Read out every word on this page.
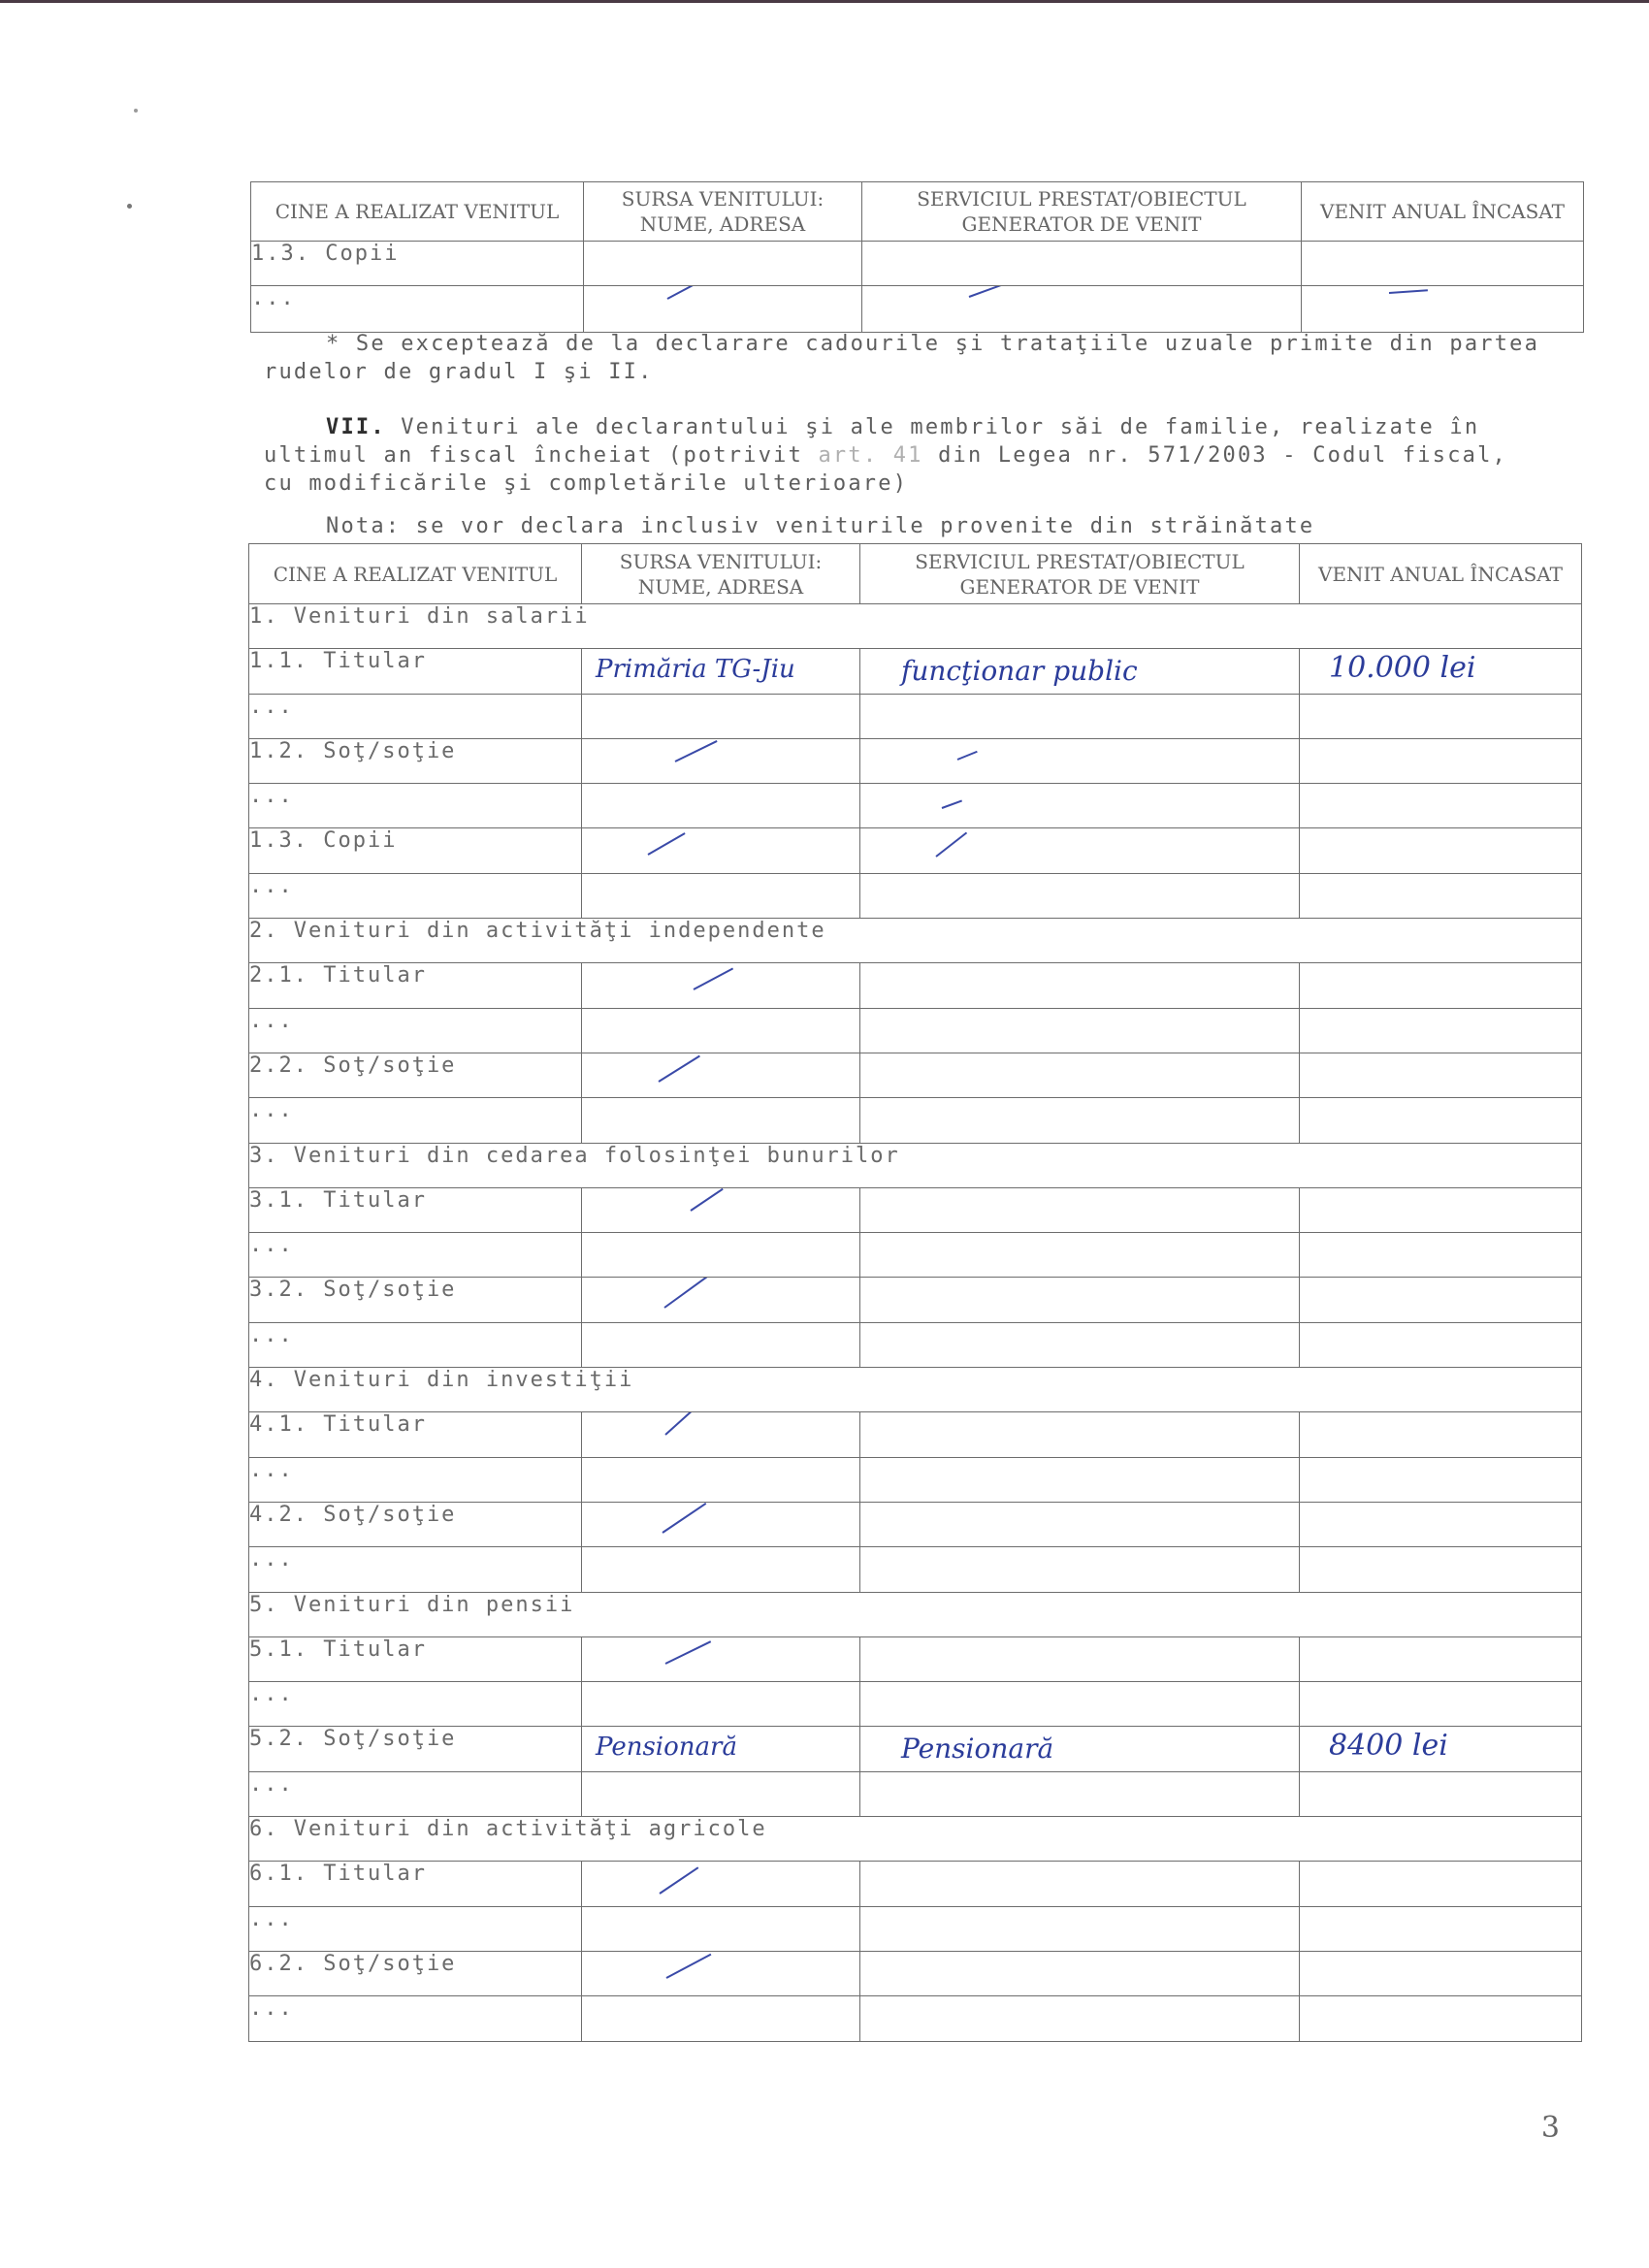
CINE A REALIZAT VENITUL	SURSA VENITULUI: NUME, ADRESA	SERVICIUL PRESTAT/OBIECTUL GENERATOR DE VENIT	VENIT ANUAL ÎNCASAT
1.3. Copii			
...	

* Se exceptează de la declarare cadourile şi trataţiile uzuale primite din partea
rudelor de gradul I şi II.
VII. Venituri ale declarantului şi ale membrilor săi de familie, realizate în
ultimul an fiscal încheiat (potrivit art. 41 din Legea nr. 571/2003 - Codul fiscal,
cu modificările şi completările ulterioare)
Nota: se vor declara inclusiv veniturile provenite din străinătate
CINE A REALIZAT VENITUL	SURSA VENITULUI: NUME, ADRESA	SERVICIUL PRESTAT/OBIECTUL GENERATOR DE VENIT	VENIT ANUAL ÎNCASAT
1. Venituri din salarii			
1.1. Titular	Primăria TG-Jiu	funcţionar public	10.000 lei

...			
1.2. Soţ/soţie	

...		

1.3. Copii	

...			
2. Venituri din activităţi independente			
2.1. Titular	

...			
2.2. Soţ/soţie	

...			
3. Venituri din cedarea folosinţei bunurilor			
3.1. Titular	

...			
3.2. Soţ/soţie	

...			
4. Venituri din investiţii			
4.1. Titular	

...			
4.2. Soţ/soţie	

...			
5. Venituri din pensii			
5.1. Titular	

...			
5.2. Soţ/soţie	Pensionară	Pensionară	8400 lei

...			
6. Venituri din activităţi agricole			
6.1. Titular	

...			
6.2. Soţ/soţie	

...			
3
